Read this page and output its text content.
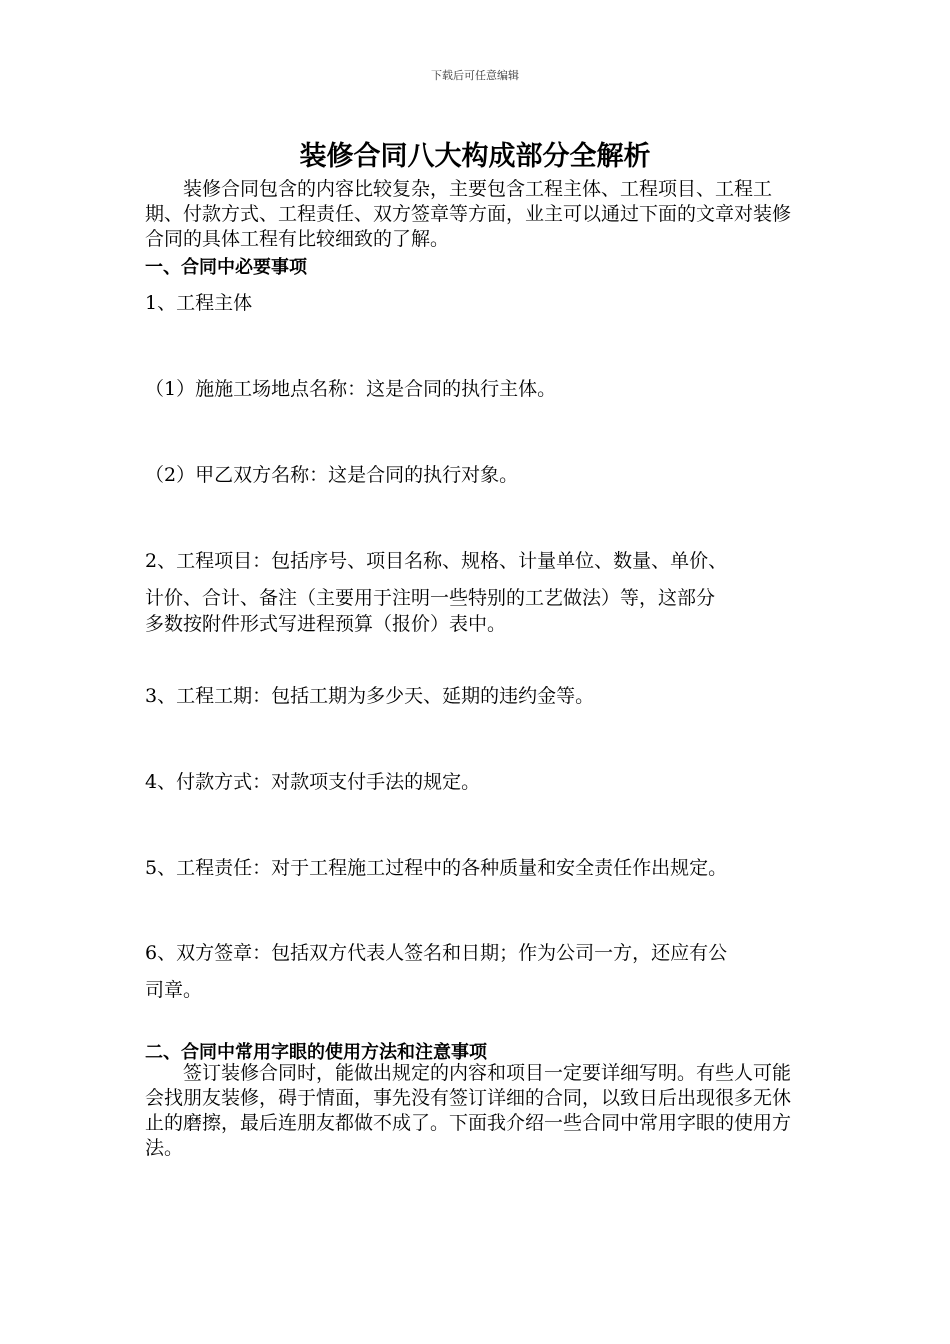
下载后可任意编辑
装修合同八大构成部分全解析
装修合同包含的内容比较复杂，主要包含工程主体、工程项目、工程工期、付款方式、工程责任、双方签章等方面，业主可以通过下面的文章对装修合同的具体工程有比较细致的了解。
一、合同中必要事项
1、工程主体
（1）施施工场地点名称：这是合同的执行主体。
（2）甲乙双方名称：这是合同的执行对象。
2、工程项目：包括序号、项目名称、规格、计量单位、数量、单价、
计价、合计、备注（主要用于注明一些特别的工艺做法）等，这部分
多数按附件形式写进程预算（报价）表中。
3、工程工期：包括工期为多少天、延期的违约金等。
4、付款方式：对款项支付手法的规定。
5、工程责任：对于工程施工过程中的各种质量和安全责任作出规定。
6、双方签章：包括双方代表人签名和日期；作为公司一方，还应有公
司章。
二、合同中常用字眼的使用方法和注意事项
签订装修合同时，能做出规定的内容和项目一定要详细写明。有些人可能会找朋友装修，碍于情面，事先没有签订详细的合同，以致日后出现很多无休止的磨擦，最后连朋友都做不成了。下面我介绍一些合同中常用字眼的使用方法。
